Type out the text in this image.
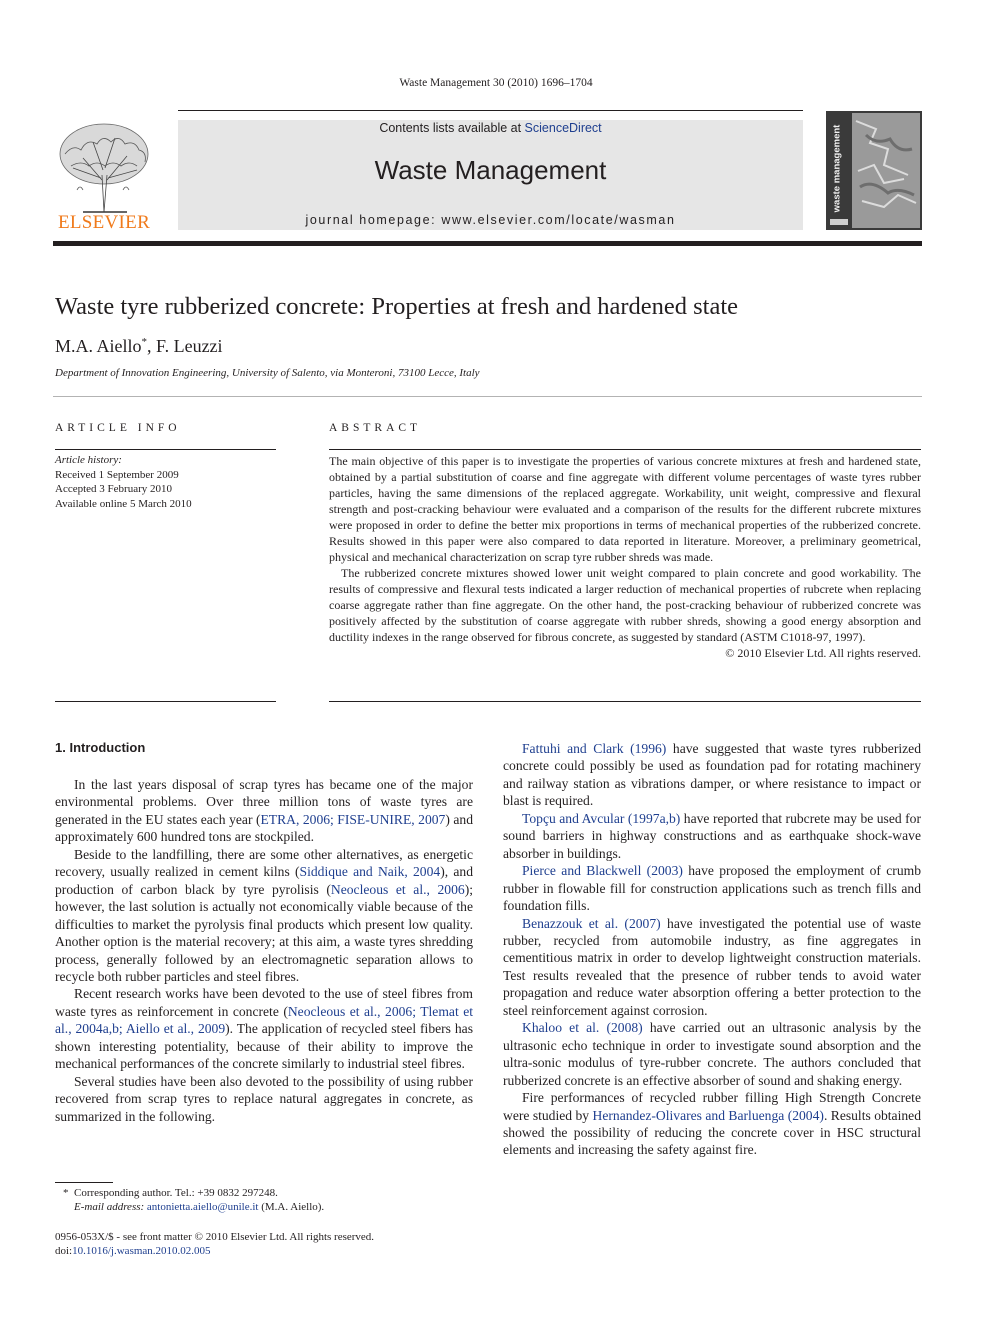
Waste Management 30 (2010) 1696–1704
ELSEVIER
Contents lists available at ScienceDirect
Waste Management
journal homepage: www.elsevier.com/locate/wasman
waste management
Waste tyre rubberized concrete: Properties at fresh and hardened state
M.A. Aiello*, F. Leuzzi
Department of Innovation Engineering, University of Salento, via Monteroni, 73100 Lecce, Italy
ARTICLE INFO	ABSTRACT
Article history:
Received 1 September 2009
Accepted 3 February 2010
Available online 5 March 2010

The main objective of this paper is to investigate the properties of various concrete mixtures at fresh and hardened state, obtained by a partial substitution of coarse and fine aggregate with different volume percentages of waste tyres rubber particles, having the same dimensions of the replaced aggregate. Workability, unit weight, compressive and flexural strength and post-cracking behaviour were evaluated and a comparison of the results for the different rubcrete mixtures were proposed in order to define the better mix proportions in terms of mechanical properties of the rubberized concrete. Results showed in this paper were also compared to data reported in literature. Moreover, a preliminary geometrical, physical and mechanical characterization on scrap tyre rubber shreds was made.

The rubberized concrete mixtures showed lower unit weight compared to plain concrete and good workability. The results of compressive and flexural tests indicated a larger reduction of mechanical properties of rubcrete when replacing coarse aggregate rather than fine aggregate. On the other hand, the post-cracking behaviour of rubberized concrete was positively affected by the substitution of coarse aggregate with rubber shreds, showing a good energy absorption and ductility indexes in the range observed for fibrous concrete, as suggested by standard (ASTM C1018-97, 1997).

© 2010 Elsevier Ltd. All rights reserved.

1. Introduction

In the last years disposal of scrap tyres has became one of the major environmental problems. Over three million tons of waste tyres are generated in the EU states each year (ETRA, 2006; FISE-UNIRE, 2007) and approximately 600 hundred tons are stockpiled.

Beside to the landfilling, there are some other alternatives, as energetic recovery, usually realized in cement kilns (Siddique and Naik, 2004), and production of carbon black by tyre pyrolisis (Neocleous et al., 2006); however, the last solution is actually not economically viable because of the difficulties to market the pyrolysis final products which present low quality. Another option is the material recovery; at this aim, a waste tyres shredding process, generally followed by an electromagnetic separation allows to recycle both rubber particles and steel fibres.

Recent research works have been devoted to the use of steel fibres from waste tyres as reinforcement in concrete (Neocleous et al., 2006; Tlemat et al., 2004a,b; Aiello et al., 2009). The application of recycled steel fibers has shown interesting potentiality, because of their ability to improve the mechanical performances of the concrete similarly to industrial steel fibres.

Several studies have been also devoted to the possibility of using rubber recovered from scrap tyres to replace natural aggregates in concrete, as summarized in the following.

Fattuhi and Clark (1996) have suggested that waste tyres rubberized concrete could possibly be used as foundation pad for rotating machinery and railway station as vibrations damper, or where resistance to impact or blast is required.

Topçu and Avcular (1997a,b) have reported that rubcrete may be used for sound barriers in highway constructions and as earthquake shock-wave absorber in buildings.

Pierce and Blackwell (2003) have proposed the employment of crumb rubber in flowable fill for construction applications such as trench fills and foundation fills.

Benazzouk et al. (2007) have investigated the potential use of waste rubber, recycled from automobile industry, as fine aggregates in cementitious matrix in order to develop lightweight construction materials. Test results revealed that the presence of rubber tends to avoid water propagation and reduce water absorption offering a better protection to the steel reinforcement against corrosion.

Khaloo et al. (2008) have carried out an ultrasonic analysis by the ultrasonic echo technique in order to investigate sound absorption and the ultra-sonic modulus of tyre-rubber concrete. The authors concluded that rubberized concrete is an effective absorber of sound and shaking energy.

Fire performances of recycled rubber filling High Strength Concrete were studied by Hernandez-Olivares and Barluenga (2004). Results obtained showed the possibility of reducing the concrete cover in HSC structural elements and increasing the safety against fire.

* Corresponding author. Tel.: +39 0832 297248.
E-mail address: antonietta.aiello@unile.it (M.A. Aiello).
0956-053X/$ - see front matter © 2010 Elsevier Ltd. All rights reserved.
doi:10.1016/j.wasman.2010.02.005
